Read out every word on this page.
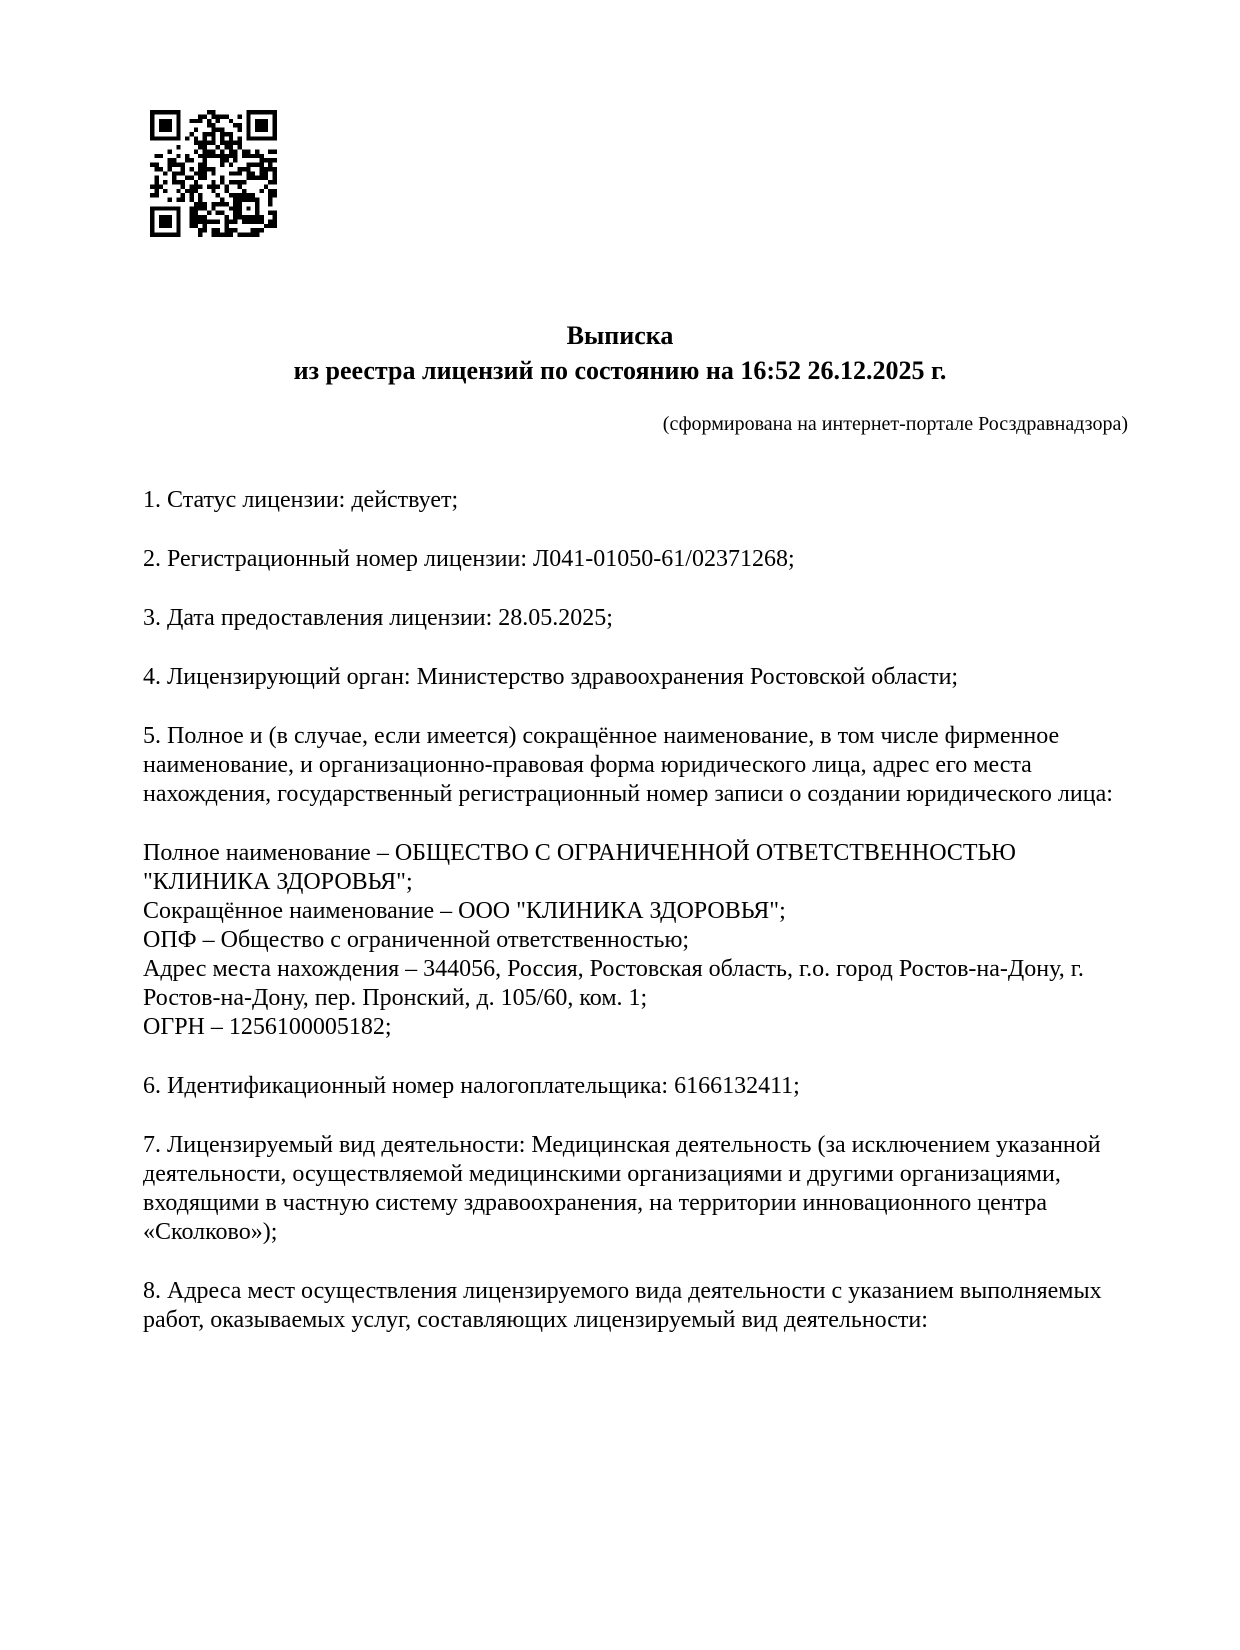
Выписка
из реестра лицензий по состоянию на 16:52 26.12.2025 г.
(сформирована на интернет-портале Росздравнадзора)

1. Статус лицензии: действует;

2. Регистрационный номер лицензии: Л041-01050-61/02371268;

3. Дата предоставления лицензии: 28.05.2025;

4. Лицензирующий орган: Министерство здравоохранения Ростовской области;

5. Полное и (в случае, если имеется) сокращённое наименование, в том числе фирменное
наименование, и организационно-правовая форма юридического лица, адрес его места
нахождения, государственный регистрационный номер записи о создании юридического лица:

Полное наименование – ОБЩЕСТВО С ОГРАНИЧЕННОЙ ОТВЕТСТВЕННОСТЬЮ
"КЛИНИКА ЗДОРОВЬЯ";
Сокращённое наименование – ООО "КЛИНИКА ЗДОРОВЬЯ";
ОПФ – Общество с ограниченной ответственностью;
Адрес места нахождения – 344056, Россия, Ростовская область, г.о. город Ростов-на-Дону, г.
Ростов-на-Дону, пер. Пронский, д. 105/60, ком. 1;
ОГРН – 1256100005182;

6. Идентификационный номер налогоплательщика: 6166132411;

7. Лицензируемый вид деятельности: Медицинская деятельность (за исключением указанной
деятельности, осуществляемой медицинскими организациями и другими организациями,
входящими в частную систему здравоохранения, на территории инновационного центра
«Сколково»);

8. Адреса мест осуществления лицензируемого вида деятельности с указанием выполняемых
работ, оказываемых услуг, составляющих лицензируемый вид деятельности:
